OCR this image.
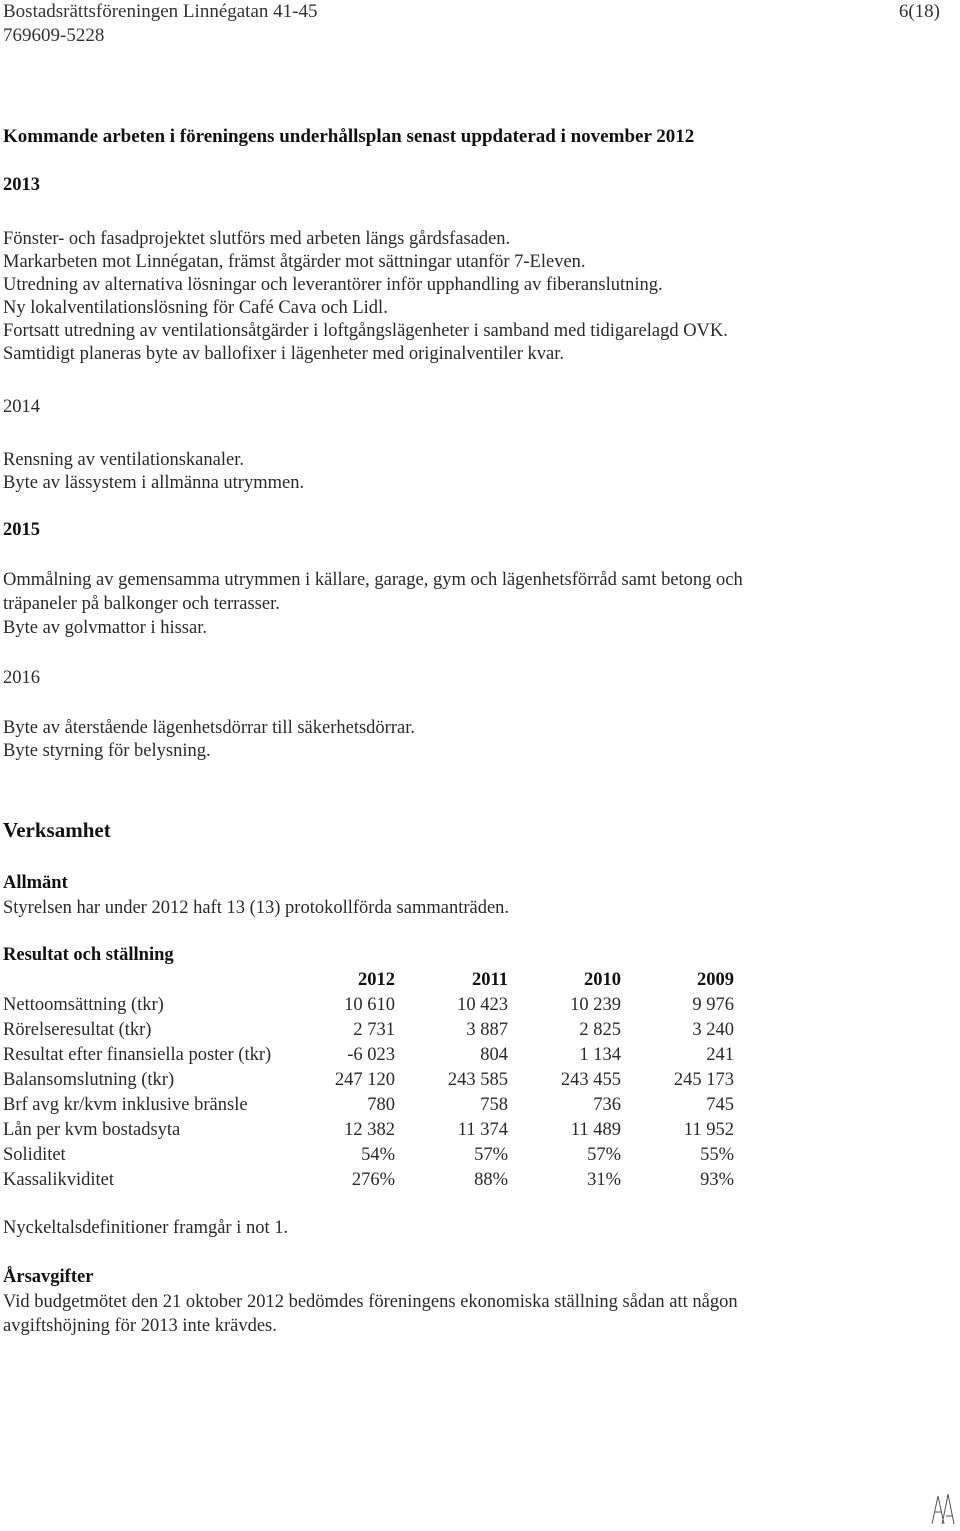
Bostadsrättsföreningen Linnégatan 41-45
769609-5228
6(18)
Kommande arbeten i föreningens underhållsplan senast uppdaterad i november 2012
2013
Fönster- och fasadprojektet slutförs med arbeten längs gårdsfasaden.
Markarbeten mot Linnégatan, främst åtgärder mot sättningar utanför 7-Eleven.
Utredning av alternativa lösningar och leverantörer inför upphandling av fiberanslutning.
Ny lokalventilationslösning för Café Cava och Lidl.
Fortsatt utredning av ventilationsåtgärder i loftgångslägenheter i samband med tidigarelagd OVK.
Samtidigt planeras byte av ballofixer i lägenheter med originalventiler kvar.
2014
Rensning av ventilationskanaler.
Byte av lässystem i allmänna utrymmen.
2015
Ommålning av gemensamma utrymmen i källare, garage, gym och lägenhetsförråd samt betong och
träpaneler på balkonger och terrasser.
Byte av golvmattor i hissar.
2016
Byte av återstående lägenhetsdörrar till säkerhetsdörrar.
Byte styrning för belysning.
Verksamhet
Allmänt
Styrelsen har under 2012 haft 13 (13) protokollförda sammanträden.
Resultat och ställning
2012	2011	2010	2009
Nettoomsättning (tkr)	10 610	10 423	10 239	9 976
Rörelseresultat (tkr)	2 731	3 887	2 825	3 240
Resultat efter finansiella poster (tkr)	-6 023	804	1 134	241
Balansomslutning (tkr)	247 120	243 585	243 455	245 173
Brf avg kr/kvm inklusive bränsle	780	758	736	745
Lån per kvm bostadsyta	12 382	11 374	11 489	11 952
Soliditet	54%	57%	57%	55%
Kassalikviditet	276%	88%	31%	93%
Nyckeltalsdefinitioner framgår i not 1.
Årsavgifter
Vid budgetmötet den 21 oktober 2012 bedömdes föreningens ekonomiska ställning sådan att någon
avgiftshöjning för 2013 inte krävdes.
